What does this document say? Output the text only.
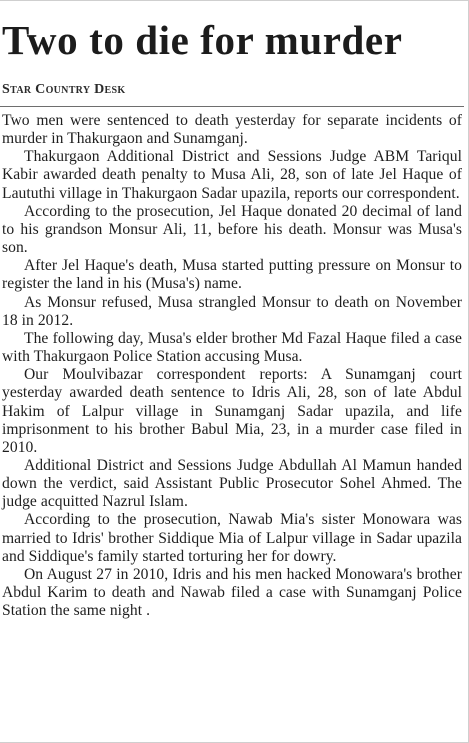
Two to die for murder
Star Country Desk

Two men were sentenced to death yesterday for separate incidents of murder in Thakurgaon and Sunamganj.

Thakurgaon Additional District and Sessions Judge ABM Tariqul Kabir awarded death penalty to Musa Ali, 28, son of late Jel Haque of Laututhi village in Thakurgaon Sadar upazila, reports our correspondent.

According to the prosecution, Jel Haque donated 20 decimal of land to his grandson Monsur Ali, 11, before his death. Monsur was Musa's son.

After Jel Haque's death, Musa started putting pressure on Monsur to register the land in his (Musa's) name.

As Monsur refused, Musa strangled Monsur to death on November 18 in 2012.

The following day, Musa's elder brother Md Fazal Haque filed a case with Thakurgaon Police Station accusing Musa.

Our Moulvibazar correspondent reports: A Sunamganj court yesterday awarded death sentence to Idris Ali, 28, son of late Abdul Hakim of Lalpur village in Sunamganj Sadar upazila, and life imprisonment to his brother Babul Mia, 23, in a murder case filed in 2010.

Additional District and Sessions Judge Abdullah Al Mamun handed down the verdict, said Assistant Public Prosecutor Sohel Ahmed. The judge acquitted Nazrul Islam.

According to the prosecution, Nawab Mia's sister Monowara was married to Idris' brother Siddique Mia of Lalpur village in Sadar upazila and Siddique's family started torturing her for dowry.

On August 27 in 2010, Idris and his men hacked Monowara's brother Abdul Karim to death and Nawab filed a case with Sunamganj Police Station the same night .
